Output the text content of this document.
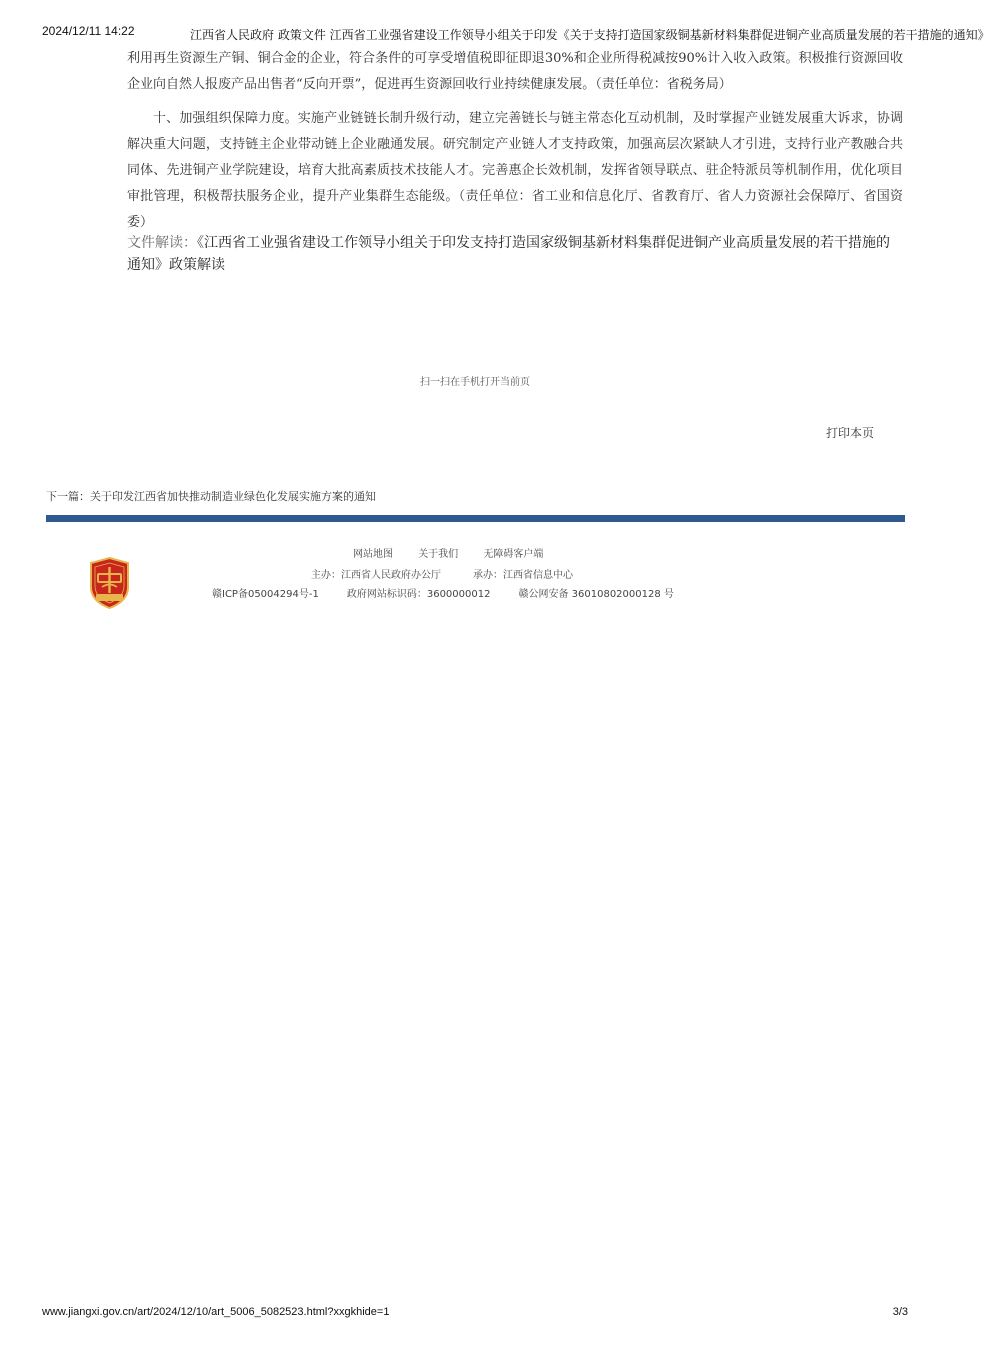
2024/12/11 14:22	江西省人民政府 政策文件 江西省工业强省建设工作领导小组关于印发《关于支持打造国家级铜基新材料集群促进铜产业高质量发展的若干措施的通知》

利用再生资源生产铜、铜合金的企业，符合条件的可享受增值税即征即退30%和企业所得税减按90%计入收入政策。积极推行资源回收企业向自然人报废产品出售者“反向开票”，促进再生资源回收行业持续健康发展。（责任单位：省税务局）

十、加强组织保障力度。实施产业链链长制升级行动，建立完善链长与链主常态化互动机制，及时掌握产业链发展重大诉求，协调解决重大问题，支持链主企业带动链上企业融通发展。研究制定产业链人才支持政策，加强高层次紧缺人才引进，支持行业产教融合共同体、先进铜产业学院建设，培育大批高素质技术技能人才。完善惠企长效机制，发挥省领导联点、驻企特派员等机制作用，优化项目审批管理，积极帮扶服务企业，提升产业集群生态能级。（责任单位：省工业和信息化厅、省教育厅、省人力资源社会保障厅、省国资委）

文件解读：《江西省工业强省建设工作领导小组关于印发支持打造国家级铜基新材料集群促进铜产业高质量发展的若干措施的通知》政策解读
扫一扫在手机打开当前页
打印本页
下一篇：关于印发江西省加快推动制造业绿色化发展实施方案的通知
网站地图	关于我们	无障碍客户端
主办：江西省人民政府办公厅	承办：江西省信息中心
赣ICP备05004294号-1	政府网站标识码：3600000012	赣公网安备 36010802000128 号
www.jiangxi.gov.cn/art/2024/12/10/art_5006_5082523.html?xxgkhide=1	3/3
